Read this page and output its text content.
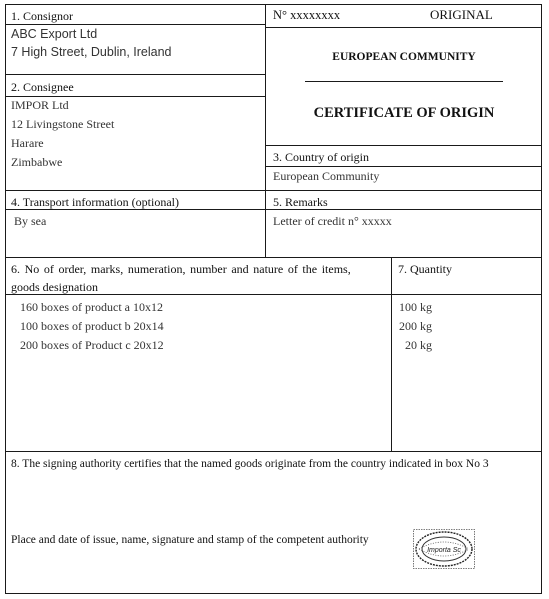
1. Consignor
ABC Export Ltd
7 High Street, Dublin, Ireland
N° xxxxxxxx	ORIGINAL
2. Consignee
IMPOR Ltd
12 Livingstone Street
Harare
Zimbabwe
EUROPEAN COMMUNITY
CERTIFICATE OF ORIGIN
3. Country of origin
European Community
4. Transport information (optional)
By sea
5. Remarks
Letter of credit n° xxxxx
6. No of order, marks, numeration, number and nature of the items,
goods designation
160 boxes of product a 10x12
100 boxes of product b 20x14
200 boxes of Product c 20x12
7. Quantity
100 kg
200 kg
20 kg
8. The signing authority certifies that the named goods originate from the country indicated in box No 3
Place and date of issue, name, signature and stamp of the competent authority
Importa Sc
